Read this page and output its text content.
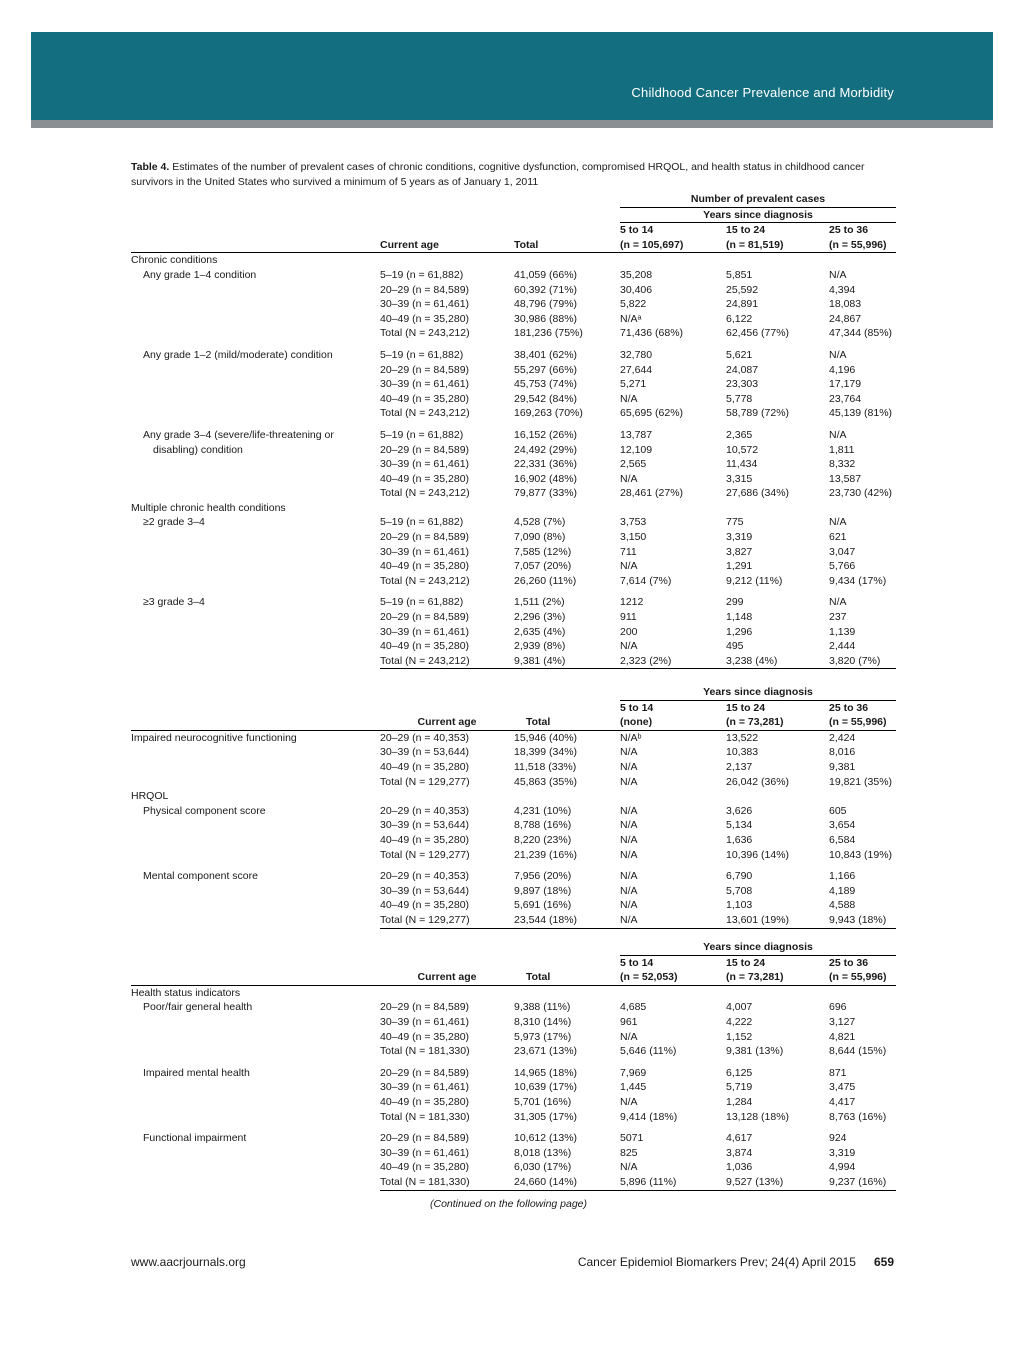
Childhood Cancer Prevalence and Morbidity
Table 4. Estimates of the number of prevalent cases of chronic conditions, cognitive dysfunction, compromised HRQOL, and health status in childhood cancer survivors in the United States who survived a minimum of 5 years as of January 1, 2011
			Number of prevalent cases		
			Years since diagnosis		
			5 to 14	15 to 24	25 to 36
	Current age	Total	(n = 105,697)	(n = 81,519)	(n = 55,996)
Chronic conditions					
Any grade 1–4 condition	5–19 (n = 61,882)	41,059 (66%)	35,208	5,851	N/A
	20–29 (n = 84,589)	60,392 (71%)	30,406	25,592	4,394
	30–39 (n = 61,461)	48,796 (79%)	5,822	24,891	18,083
	40–49 (n = 35,280)	30,986 (88%)	N/Aᵃ	6,122	24,867
	Total (N = 243,212)	181,236 (75%)	71,436 (68%)	62,456 (77%)	47,344 (85%)

Any grade 1–2 (mild/moderate) condition	5–19 (n = 61,882)	38,401 (62%)	32,780	5,621	N/A
	20–29 (n = 84,589)	55,297 (66%)	27,644	24,087	4,196
	30–39 (n = 61,461)	45,753 (74%)	5,271	23,303	17,179
	40–49 (n = 35,280)	29,542 (84%)	N/A	5,778	23,764
	Total (N = 243,212)	169,263 (70%)	65,695 (62%)	58,789 (72%)	45,139 (81%)

Any grade 3–4 (severe/life-threatening or	5–19 (n = 61,882)	16,152 (26%)	13,787	2,365	N/A
disabling) condition	20–29 (n = 84,589)	24,492 (29%)	12,109	10,572	1,811
	30–39 (n = 61,461)	22,331 (36%)	2,565	11,434	8,332
	40–49 (n = 35,280)	16,902 (48%)	N/A	3,315	13,587
	Total (N = 243,212)	79,877 (33%)	28,461 (27%)	27,686 (34%)	23,730 (42%)
Multiple chronic health conditions					
≥2 grade 3–4	5–19 (n = 61,882)	4,528 (7%)	3,753	775	N/A
	20–29 (n = 84,589)	7,090 (8%)	3,150	3,319	621
	30–39 (n = 61,461)	7,585 (12%)	711	3,827	3,047
	40–49 (n = 35,280)	7,057 (20%)	N/A	1,291	5,766
	Total (N = 243,212)	26,260 (11%)	7,614 (7%)	9,212 (11%)	9,434 (17%)

≥3 grade 3–4	5–19 (n = 61,882)	1,511 (2%)	1212	299	N/A
	20–29 (n = 84,589)	2,296 (3%)	911	1,148	237
	30–39 (n = 61,461)	2,635 (4%)	200	1,296	1,139
	40–49 (n = 35,280)	2,939 (8%)	N/A	495	2,444
	Total (N = 243,212)	9,381 (4%)	2,323 (2%)	3,238 (4%)	3,820 (7%)
			Years since diagnosis		
			5 to 14	15 to 24	25 to 36
	Current age	Total	(none)	(n = 73,281)	(n = 55,996)
Impaired neurocognitive functioning	20–29 (n = 40,353)	15,946 (40%)	N/Aᵇ	13,522	2,424
	30–39 (n = 53,644)	18,399 (34%)	N/A	10,383	8,016
	40–49 (n = 35,280)	11,518 (33%)	N/A	2,137	9,381
	Total (N = 129,277)	45,863 (35%)	N/A	26,042 (36%)	19,821 (35%)
HRQOL					
Physical component score	20–29 (n = 40,353)	4,231 (10%)	N/A	3,626	605
	30–39 (n = 53,644)	8,788 (16%)	N/A	5,134	3,654
	40–49 (n = 35,280)	8,220 (23%)	N/A	1,636	6,584
	Total (N = 129,277)	21,239 (16%)	N/A	10,396 (14%)	10,843 (19%)

Mental component score	20–29 (n = 40,353)	7,956 (20%)	N/A	6,790	1,166
	30–39 (n = 53,644)	9,897 (18%)	N/A	5,708	4,189
	40–49 (n = 35,280)	5,691 (16%)	N/A	1,103	4,588
	Total (N = 129,277)	23,544 (18%)	N/A	13,601 (19%)	9,943 (18%)
			Years since diagnosis		
			5 to 14	15 to 24	25 to 36
	Current age	Total	(n = 52,053)	(n = 73,281)	(n = 55,996)
Health status indicators					
Poor/fair general health	20–29 (n = 84,589)	9,388 (11%)	4,685	4,007	696
	30–39 (n = 61,461)	8,310 (14%)	961	4,222	3,127
	40–49 (n = 35,280)	5,973 (17%)	N/A	1,152	4,821
	Total (N = 181,330)	23,671 (13%)	5,646 (11%)	9,381 (13%)	8,644 (15%)

Impaired mental health	20–29 (n = 84,589)	14,965 (18%)	7,969	6,125	871
	30–39 (n = 61,461)	10,639 (17%)	1,445	5,719	3,475
	40–49 (n = 35,280)	5,701 (16%)	N/A	1,284	4,417
	Total (N = 181,330)	31,305 (17%)	9,414 (18%)	13,128 (18%)	8,763 (16%)

Functional impairment	20–29 (n = 84,589)	10,612 (13%)	5071	4,617	924
	30–39 (n = 61,461)	8,018 (13%)	825	3,874	3,319
	40–49 (n = 35,280)	6,030 (17%)	N/A	1,036	4,994
	Total (N = 181,330)	24,660 (14%)	5,896 (11%)	9,527 (13%)	9,237 (16%)
(Continued on the following page)
www.aacrjournals.org	Cancer Epidemiol Biomarkers Prev; 24(4) April 2015 659
